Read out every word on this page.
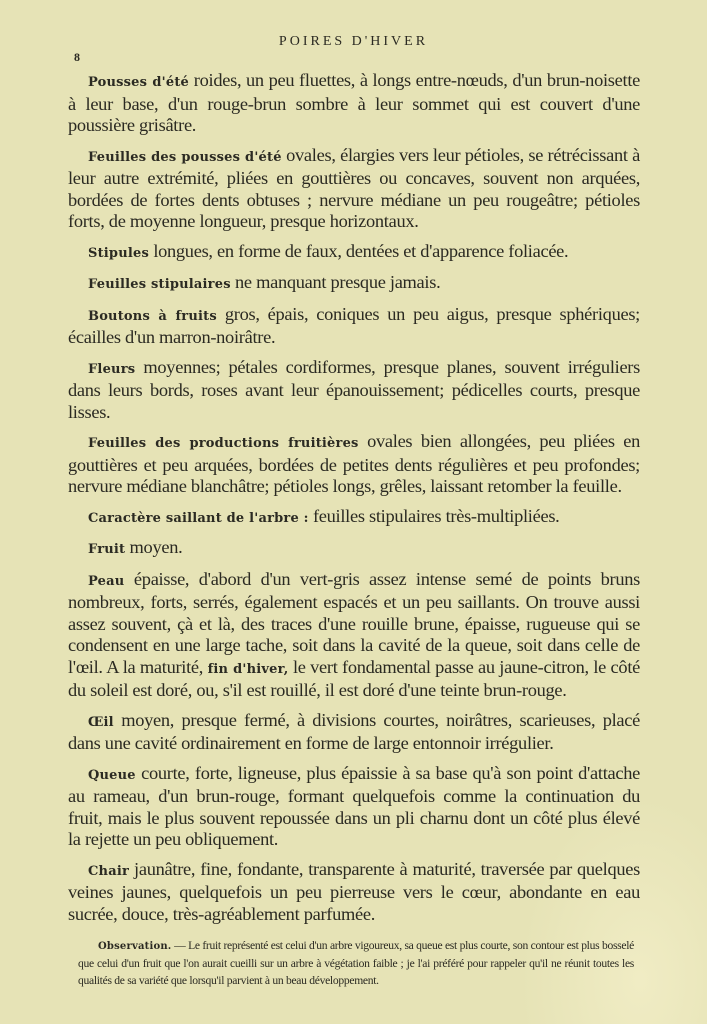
POIRES D'HIVER
8

Pousses d'été roides, un peu fluettes, à longs entre-nœuds, d'un brun-noisette à leur base, d'un rouge-brun sombre à leur sommet qui est couvert d'une poussière grisâtre.

Feuilles des pousses d'été ovales, élargies vers leur pétioles, se rétrécissant à leur autre extrémité, pliées en gouttières ou concaves, souvent non arquées, bordées de fortes dents obtuses ; nervure médiane un peu rougeâtre; pétioles forts, de moyenne longueur, presque horizontaux.

Stipules longues, en forme de faux, dentées et d'apparence foliacée.

Feuilles stipulaires ne manquant presque jamais.

Boutons à fruits gros, épais, coniques un peu aigus, presque sphériques; écailles d'un marron-noirâtre.

Fleurs moyennes; pétales cordiformes, presque planes, souvent irréguliers dans leurs bords, roses avant leur épanouissement; pédicelles courts, presque lisses.

Feuilles des productions fruitières ovales bien allongées, peu pliées en gouttières et peu arquées, bordées de petites dents régulières et peu profondes; nervure médiane blanchâtre; pétioles longs, grêles, laissant retomber la feuille.

Caractère saillant de l'arbre : feuilles stipulaires très-multipliées.

Fruit moyen.

Peau épaisse, d'abord d'un vert-gris assez intense semé de points bruns nombreux, forts, serrés, également espacés et un peu saillants. On trouve aussi assez souvent, çà et là, des traces d'une rouille brune, épaisse, rugueuse qui se condensent en une large tache, soit dans la cavité de la queue, soit dans celle de l'œil. A la maturité, fin d'hiver, le vert fondamental passe au jaune-citron, le côté du soleil est doré, ou, s'il est rouillé, il est doré d'une teinte brun-rouge.

Œil moyen, presque fermé, à divisions courtes, noirâtres, scarieuses, placé dans une cavité ordinairement en forme de large entonnoir irrégulier.

Queue courte, forte, ligneuse, plus épaissie à sa base qu'à son point d'attache au rameau, d'un brun-rouge, formant quelquefois comme la continuation du fruit, mais le plus souvent repoussée dans un pli charnu dont un côté plus élevé la rejette un peu obliquement.

Chair jaunâtre, fine, fondante, transparente à maturité, traversée par quelques veines jaunes, quelquefois un peu pierreuse vers le cœur, abondante en eau sucrée, douce, très-agréablement parfumée.

Observation. — Le fruit représenté est celui d'un arbre vigoureux, sa queue est plus courte, son contour est plus bosselé que celui d'un fruit que l'on aurait cueilli sur un arbre à végétation faible ; je l'ai préféré pour rappeler qu'il ne réunit toutes les qualités de sa variété que lorsqu'il parvient à un beau développement.
